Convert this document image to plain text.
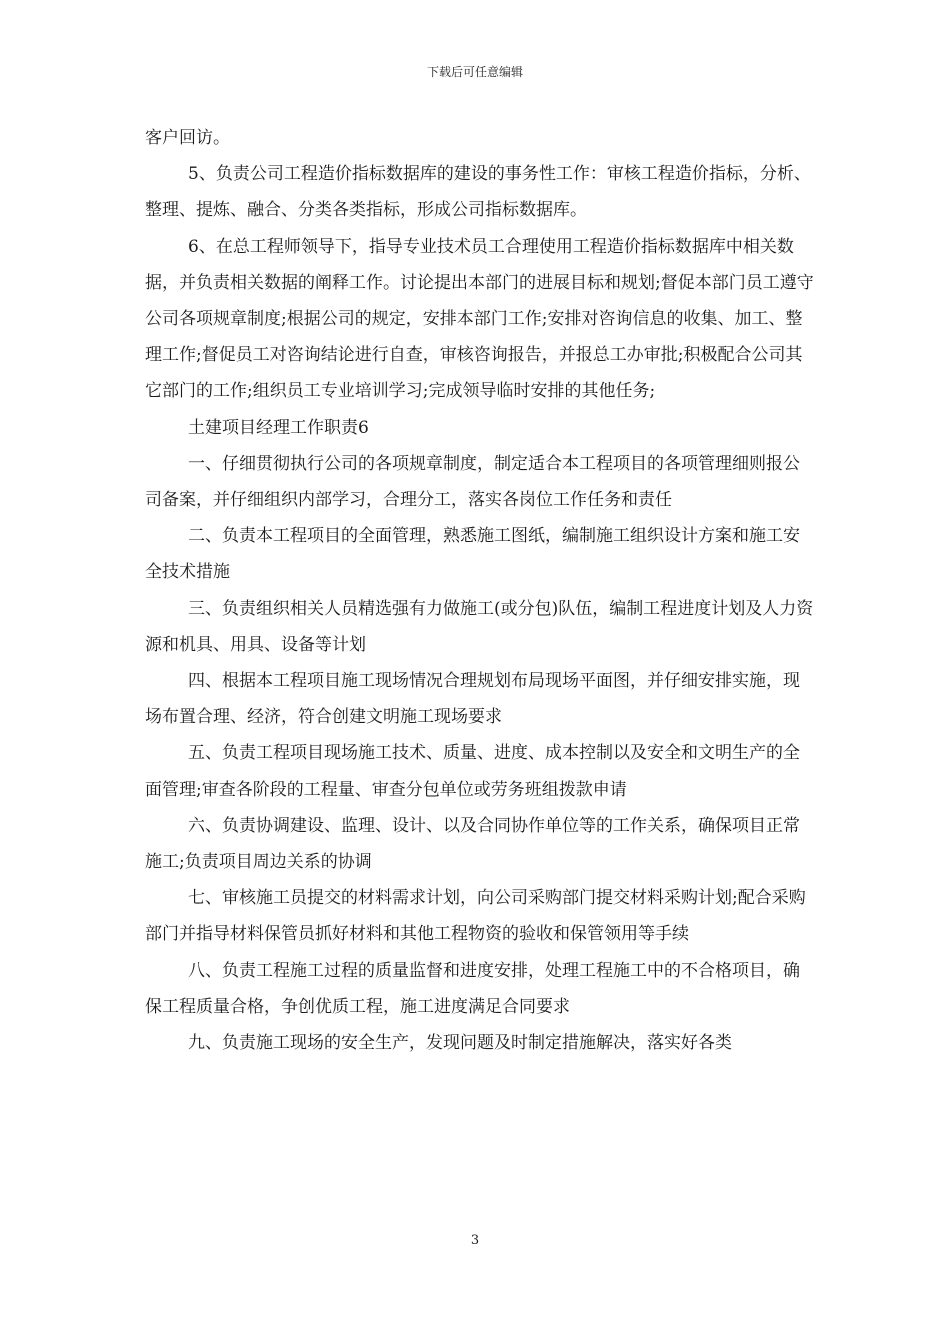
下载后可任意编辑

客户回访。

5、负责公司工程造价指标数据库的建设的事务性工作：审核工程造价指标，分析、整理、提炼、融合、分类各类指标，形成公司指标数据库。

6、在总工程师领导下，指导专业技术员工合理使用工程造价指标数据库中相关数据，并负责相关数据的阐释工作。讨论提出本部门的进展目标和规划;督促本部门员工遵守公司各项规章制度;根据公司的规定，安排本部门工作;安排对咨询信息的收集、加工、整理工作;督促员工对咨询结论进行自查，审核咨询报告，并报总工办审批;积极配合公司其它部门的工作;组织员工专业培训学习;完成领导临时安排的其他任务;

土建项目经理工作职责6

一、仔细贯彻执行公司的各项规章制度，制定适合本工程项目的各项管理细则报公司备案，并仔细组织内部学习，合理分工，落实各岗位工作任务和责任

二、负责本工程项目的全面管理，熟悉施工图纸，编制施工组织设计方案和施工安全技术措施

三、负责组织相关人员精选强有力做施工(或分包)队伍，编制工程进度计划及人力资源和机具、用具、设备等计划

四、根据本工程项目施工现场情况合理规划布局现场平面图，并仔细安排实施，现场布置合理、经济，符合创建文明施工现场要求

五、负责工程项目现场施工技术、质量、进度、成本控制以及安全和文明生产的全面管理;审查各阶段的工程量、审查分包单位或劳务班组拨款申请

六、负责协调建设、监理、设计、以及合同协作单位等的工作关系，确保项目正常施工;负责项目周边关系的协调

七、审核施工员提交的材料需求计划，向公司采购部门提交材料采购计划;配合采购部门并指导材料保管员抓好材料和其他工程物资的验收和保管领用等手续

八、负责工程施工过程的质量监督和进度安排，处理工程施工中的不合格项目，确保工程质量合格，争创优质工程，施工进度满足合同要求

九、负责施工现场的安全生产，发现问题及时制定措施解决，落实好各类

3
